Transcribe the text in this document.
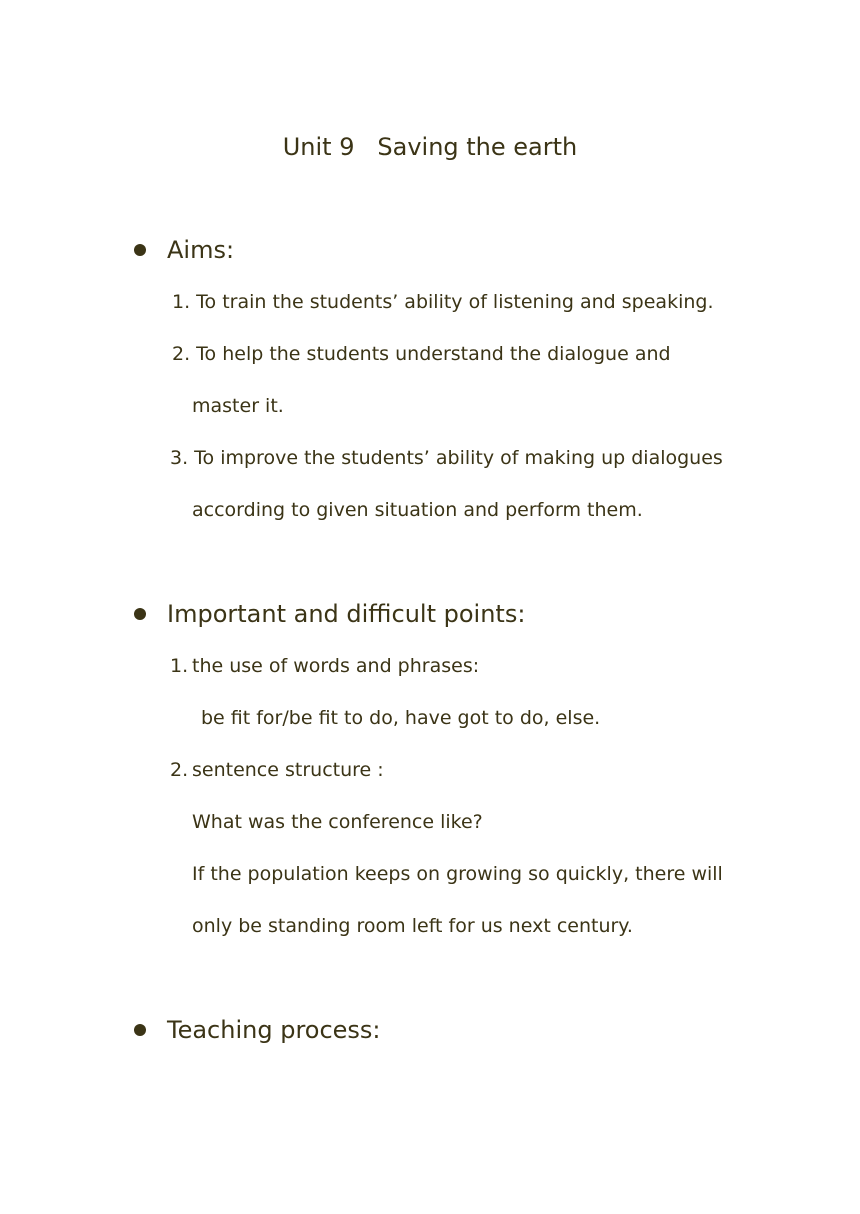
Unit 9   Saving the earth
Aims:
1. To train the students’ ability of listening and speaking.
2. To help the students understand the dialogue and
master it.
3. To improve the students’ ability of making up dialogues
according to given situation and perform them.
Important and difficult points:
1. the use of words and phrases:
be fit for/be fit to do, have got to do, else.
2. sentence structure :
What was the conference like?
If the population keeps on growing so quickly, there will
only be standing room left for us next century.
Teaching process:
